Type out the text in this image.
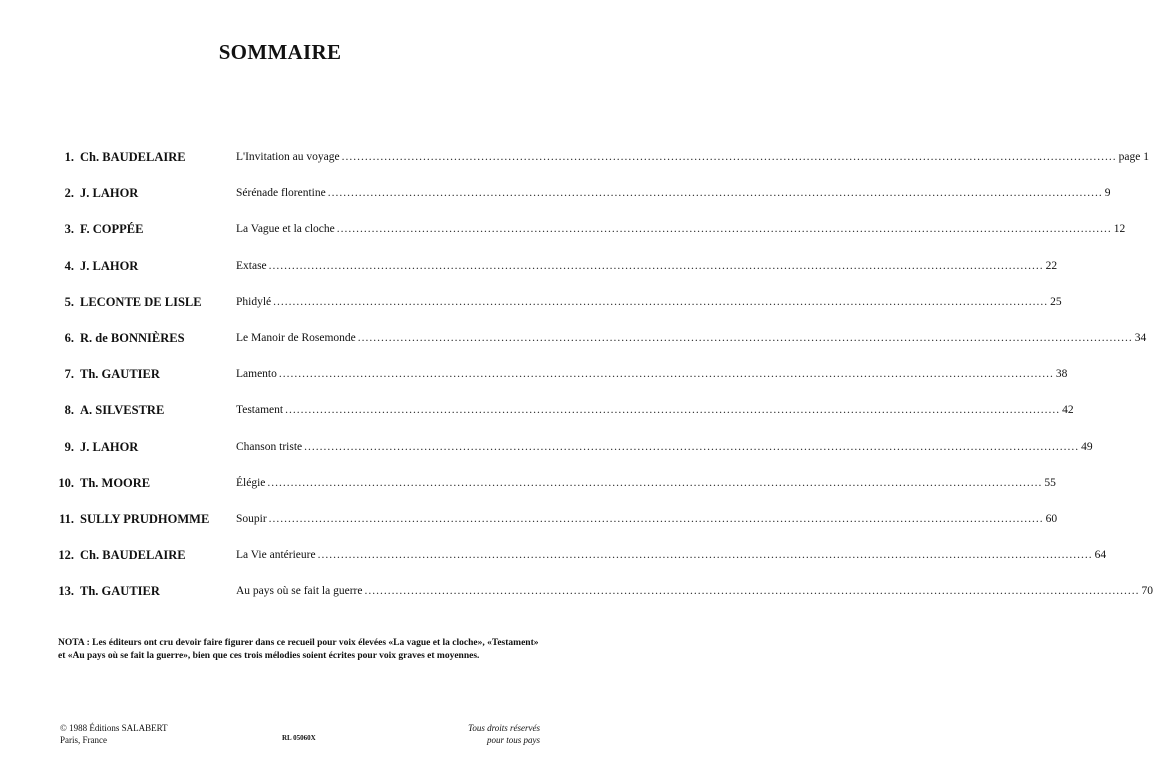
SOMMAIRE
1. Ch. BAUDELAIRE	L'Invitation au voyage ........................................................................................................................................................................................................ page 1
2. J. LAHOR	Sérénade florentine ........................................................................................................................................................................................................ 9
3. F. COPPÉE	La Vague et la cloche ........................................................................................................................................................................................................ 12
4. J. LAHOR	Extase ........................................................................................................................................................................................................ 22
5. LECONTE DE LISLE	Phidylé ........................................................................................................................................................................................................ 25
6. R. de BONNIÈRES	Le Manoir de Rosemonde ........................................................................................................................................................................................................ 34
7. Th. GAUTIER	Lamento ........................................................................................................................................................................................................ 38
8. A. SILVESTRE	Testament ........................................................................................................................................................................................................ 42
9. J. LAHOR	Chanson triste ........................................................................................................................................................................................................ 49
10. Th. MOORE	Élégie ........................................................................................................................................................................................................ 55
11. SULLY PRUDHOMME Soupir ........................................................................................................................................................................................................ 60
12. Ch. BAUDELAIRE	La Vie antérieure ........................................................................................................................................................................................................ 64
13. Th. GAUTIER	Au pays où se fait la guerre ........................................................................................................................................................................................................ 70
NOTA : Les éditeurs ont cru devoir faire figurer dans ce recueil pour voix élevées «La vague et la cloche», «Testament» et «Au pays où se fait la guerre», bien que ces trois mélodies soient écrites pour voix graves et moyennes.
© 1988 Éditions SALABERT
Paris, France	RL 05060X
Tous droits réservés
pour tous pays
